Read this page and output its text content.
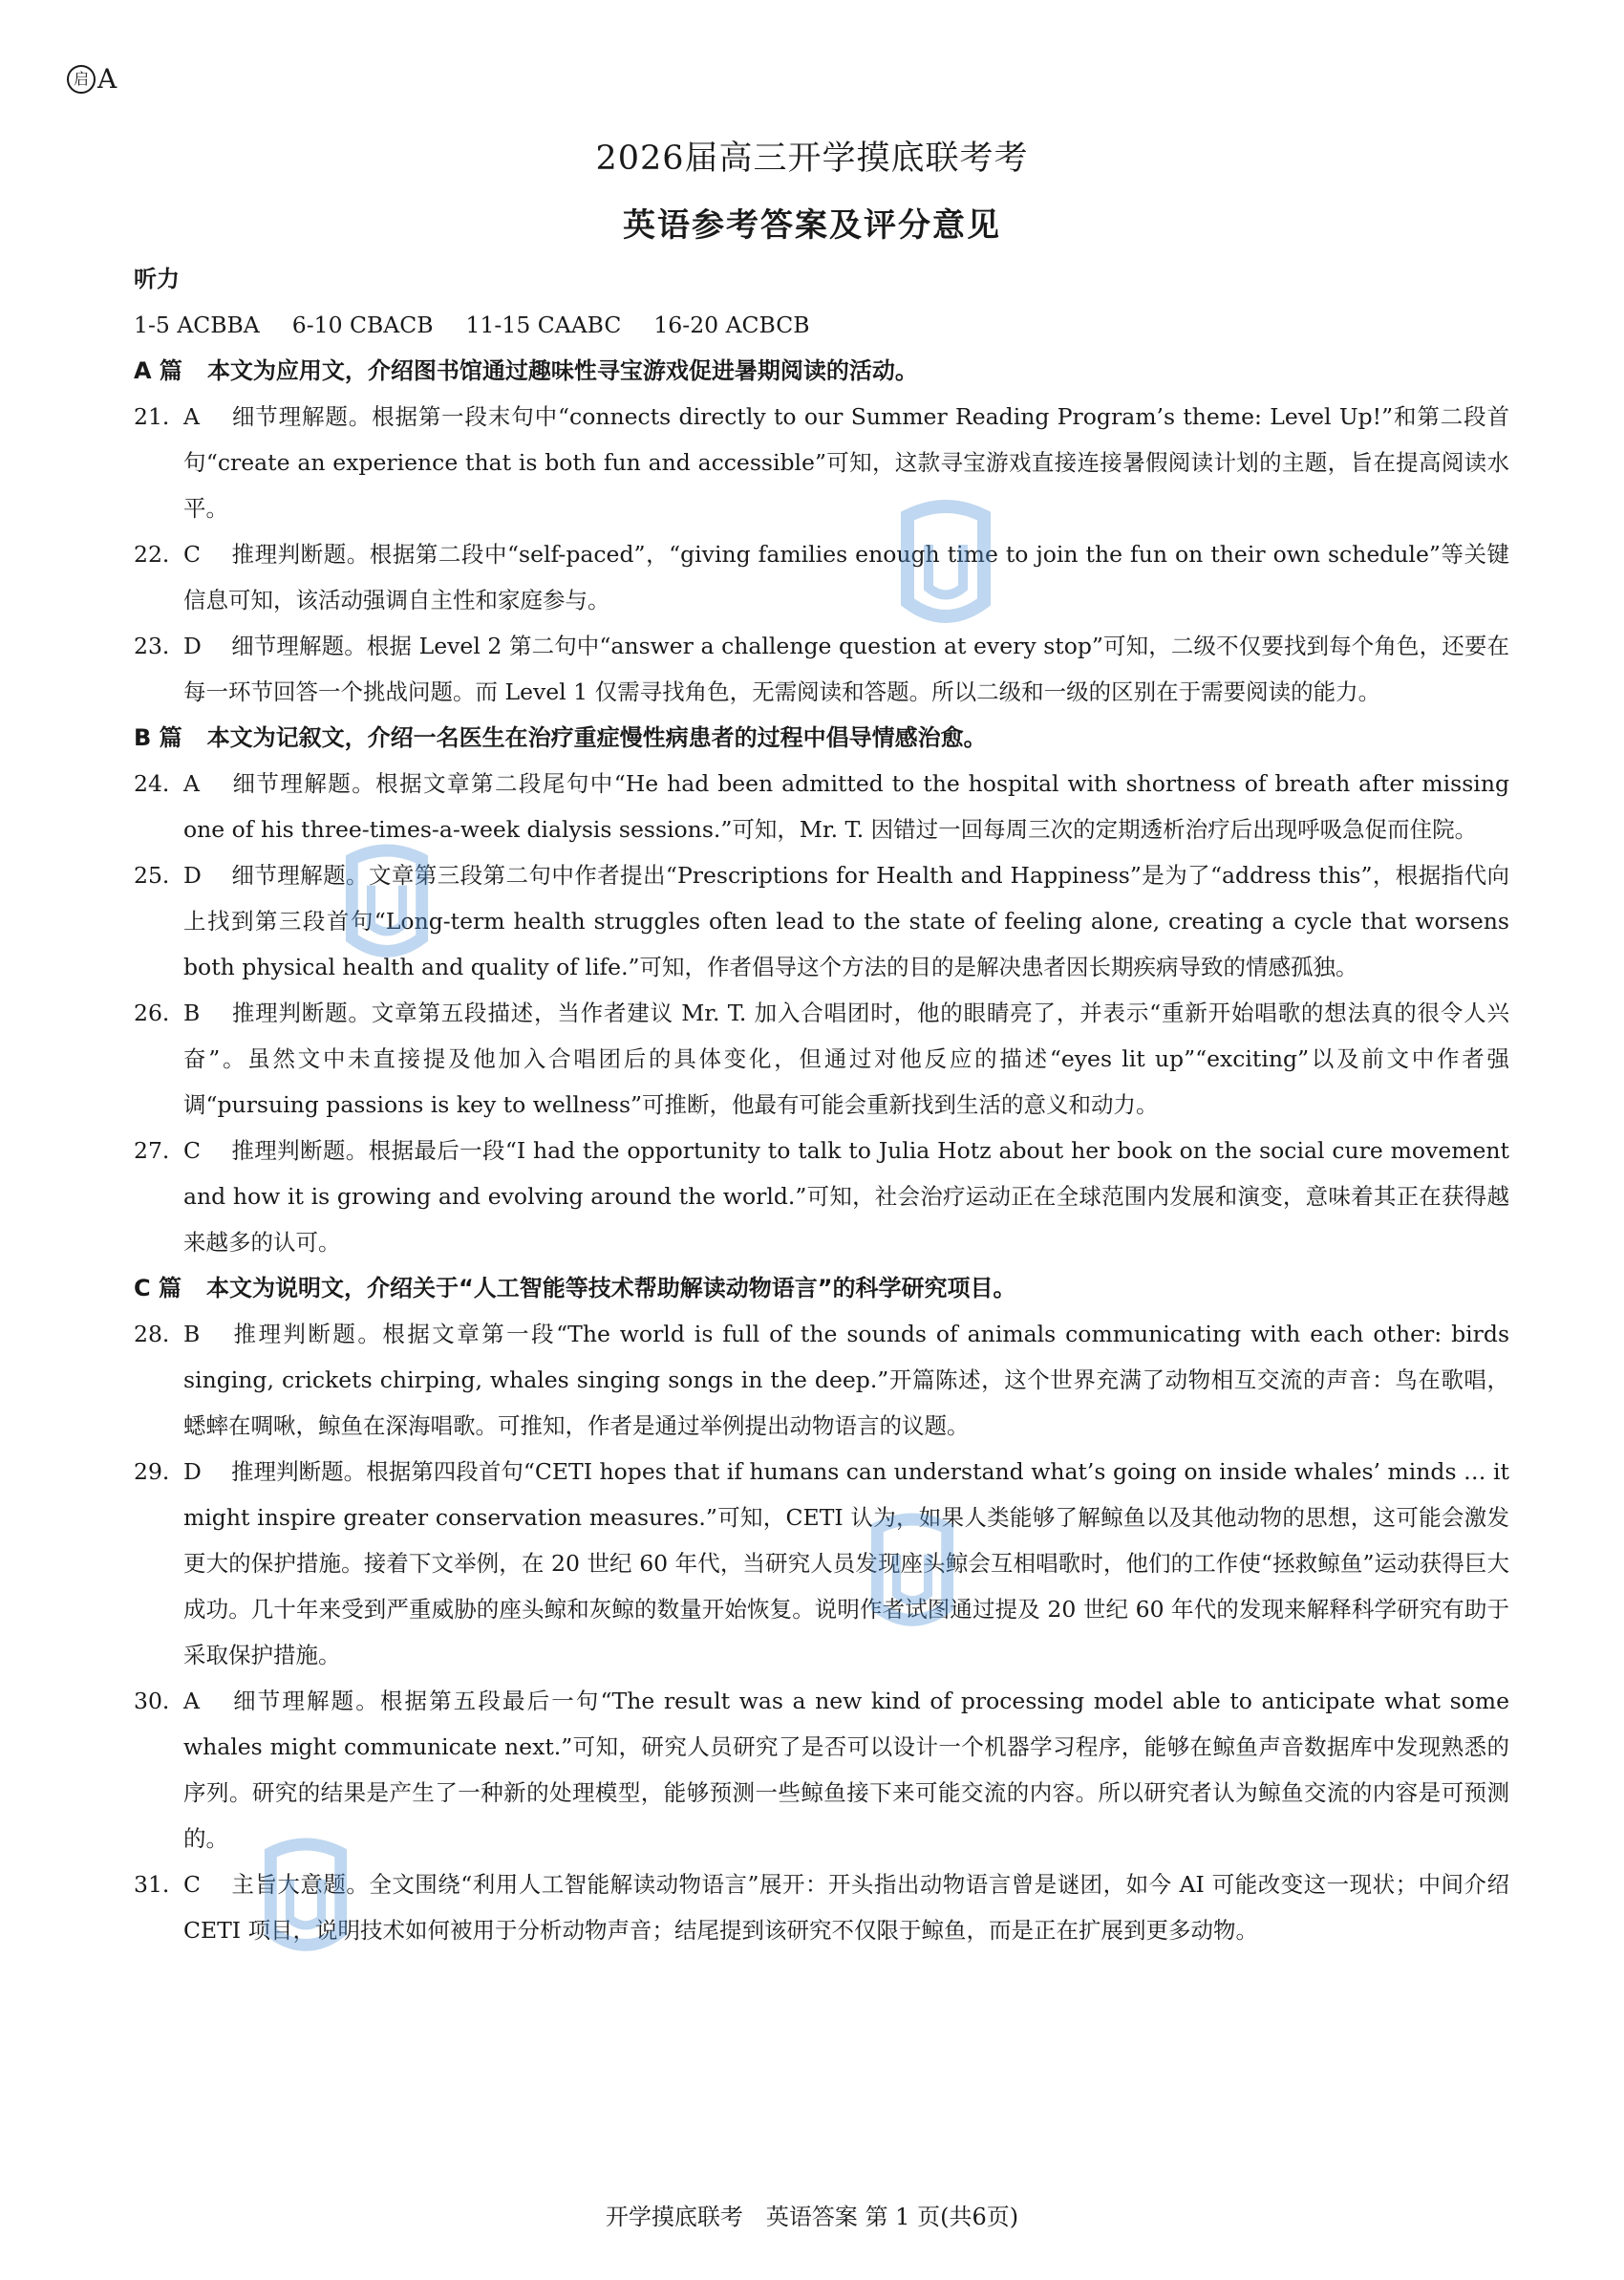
启 A
2026届高三开学摸底联考考
英语参考答案及评分意见

听力

1-5 ACBBA 6-10 CBACB 11-15 CAABC 16-20 ACBCB

A 篇 本文为应用文，介绍图书馆通过趣味性寻宝游戏促进暑期阅读的活动。

21. A 细节理解题。根据第一段末句中“connects directly to our Summer Reading Program’s theme: Level Up!”和第二段首句“create an experience that is both fun and accessible”可知，这款寻宝游戏直接连接暑假阅读计划的主题，旨在提高阅读水平。

22. C 推理判断题。根据第二段中“self-paced”，“giving families enough time to join the fun on their own schedule”等关键信息可知，该活动强调自主性和家庭参与。

23. D 细节理解题。根据 Level 2 第二句中“answer a challenge question at every stop”可知，二级不仅要找到每个角色，还要在每一环节回答一个挑战问题。而 Level 1 仅需寻找角色，无需阅读和答题。所以二级和一级的区别在于需要阅读的能力。

B 篇 本文为记叙文，介绍一名医生在治疗重症慢性病患者的过程中倡导情感治愈。

24. A 细节理解题。根据文章第二段尾句中“He had been admitted to the hospital with shortness of breath after missing one of his three-times-a-week dialysis sessions.”可知，Mr. T. 因错过一回每周三次的定期透析治疗后出现呼吸急促而住院。

25. D 细节理解题。文章第三段第二句中作者提出“Prescriptions for Health and Happiness”是为了“address this”，根据指代向上找到第三段首句“Long-term health struggles often lead to the state of feeling alone, creating a cycle that worsens both physical health and quality of life.”可知，作者倡导这个方法的目的是解决患者因长期疾病导致的情感孤独。

26. B 推理判断题。文章第五段描述，当作者建议 Mr. T. 加入合唱团时，他的眼睛亮了，并表示“重新开始唱歌的想法真的很令人兴奋”。虽然文中未直接提及他加入合唱团后的具体变化，但通过对他反应的描述“eyes lit up”“exciting”以及前文中作者强调“pursuing passions is key to wellness”可推断，他最有可能会重新找到生活的意义和动力。

27. C 推理判断题。根据最后一段“I had the opportunity to talk to Julia Hotz about her book on the social cure movement and how it is growing and evolving around the world.”可知，社会治疗运动正在全球范围内发展和演变，意味着其正在获得越来越多的认可。

C 篇 本文为说明文，介绍关于“人工智能等技术帮助解读动物语言”的科学研究项目。

28. B 推理判断题。根据文章第一段“The world is full of the sounds of animals communicating with each other: birds singing, crickets chirping, whales singing songs in the deep.”开篇陈述，这个世界充满了动物相互交流的声音：鸟在歌唱，蟋蟀在啁啾，鲸鱼在深海唱歌。可推知，作者是通过举例提出动物语言的议题。

29. D 推理判断题。根据第四段首句“CETI hopes that if humans can understand what’s going on inside whales’ minds … it might inspire greater conservation measures.”可知，CETI 认为，如果人类能够了解鲸鱼以及其他动物的思想，这可能会激发更大的保护措施。接着下文举例，在 20 世纪 60 年代，当研究人员发现座头鲸会互相唱歌时，他们的工作使“拯救鲸鱼”运动获得巨大成功。几十年来受到严重威胁的座头鲸和灰鲸的数量开始恢复。说明作者试图通过提及 20 世纪 60 年代的发现来解释科学研究有助于采取保护措施。

30. A 细节理解题。根据第五段最后一句“The result was a new kind of processing model able to anticipate what some whales might communicate next.”可知，研究人员研究了是否可以设计一个机器学习程序，能够在鲸鱼声音数据库中发现熟悉的序列。研究的结果是产生了一种新的处理模型，能够预测一些鲸鱼接下来可能交流的内容。所以研究者认为鲸鱼交流的内容是可预测的。

31. C 主旨大意题。全文围绕“利用人工智能解读动物语言”展开：开头指出动物语言曾是谜团，如今 AI 可能改变这一现状；中间介绍 CETI 项目，说明技术如何被用于分析动物声音；结尾提到该研究不仅限于鲸鱼，而是正在扩展到更多动物。

开学摸底联考　英语答案 第 1 页(共6页)
